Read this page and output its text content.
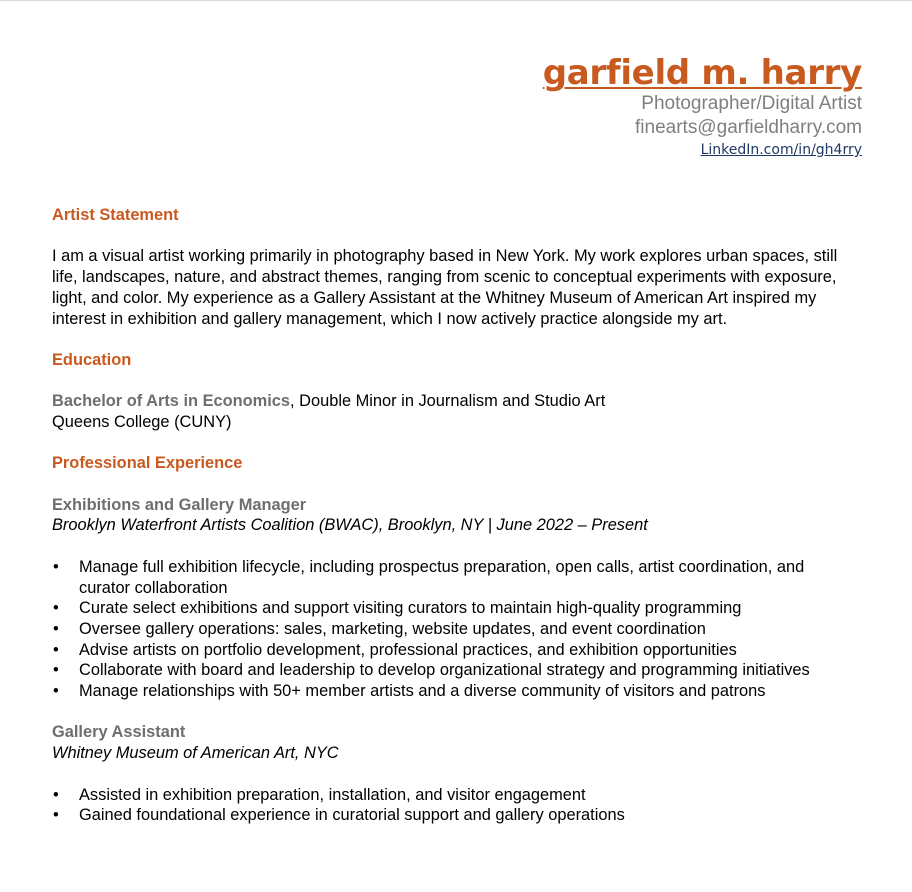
garfield m. harry
Photographer/Digital Artist
finearts@garfieldharry.com
LinkedIn.com/in/gh4rry
Artist Statement

I am a visual artist working primarily in photography based in New York. My work explores urban spaces, still life, landscapes, nature, and abstract themes, ranging from scenic to conceptual experiments with exposure, light, and color. My experience as a Gallery Assistant at the Whitney Museum of American Art inspired my interest in exhibition and gallery management, which I now actively practice alongside my art.

Education

Bachelor of Arts in Economics, Double Minor in Journalism and Studio Art

Queens College (CUNY)

Professional Experience

Exhibitions and Gallery Manager

Brooklyn Waterfront Artists Coalition (BWAC), Brooklyn, NY | June 2022 – Present

• Manage full exhibition lifecycle, including prospectus preparation, open calls, artist coordination, and curator collaboration
• Curate select exhibitions and support visiting curators to maintain high-quality programming
• Oversee gallery operations: sales, marketing, website updates, and event coordination
• Advise artists on portfolio development, professional practices, and exhibition opportunities
• Collaborate with board and leadership to develop organizational strategy and programming initiatives
• Manage relationships with 50+ member artists and a diverse community of visitors and patrons

Gallery Assistant

Whitney Museum of American Art, NYC

• Assisted in exhibition preparation, installation, and visitor engagement
• Gained foundational experience in curatorial support and gallery operations
